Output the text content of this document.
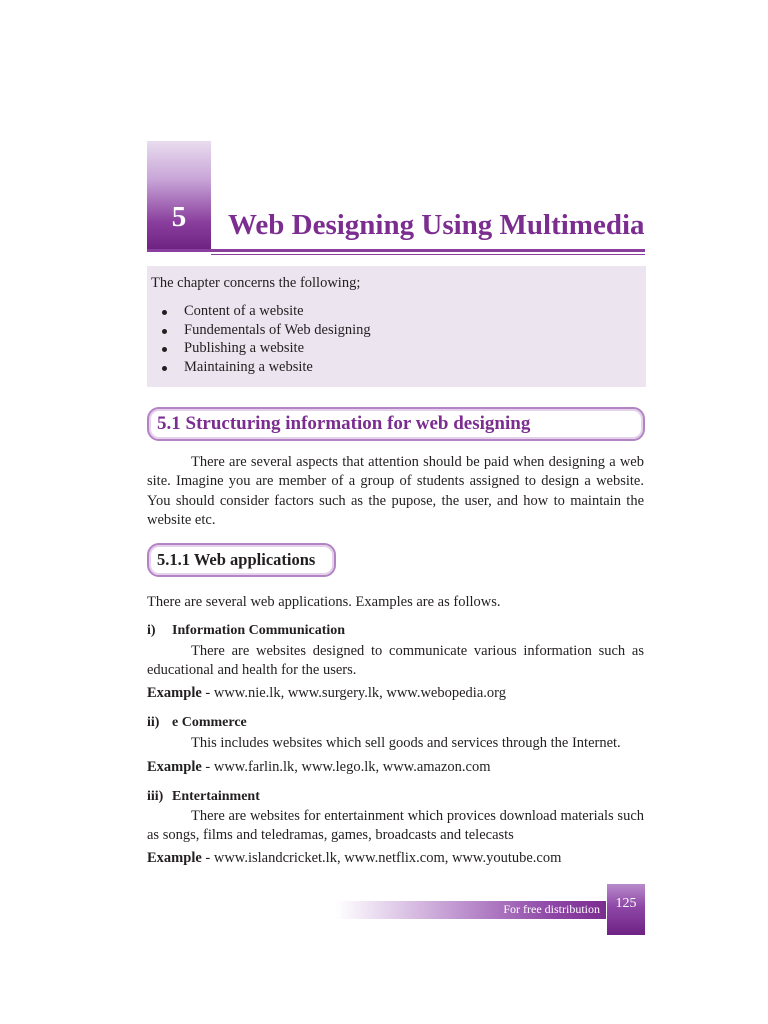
5	Web Designing Using Multimedia
The chapter concerns the following;
Content of a website
Fundementals of Web designing
Publishing a website
Maintaining a website
5.1 Structuring information for web designing
There are several aspects that attention should be paid when designing a web site. Imagine you are member of a group of students assigned to design a website. You should consider factors such as the pupose, the user, and how to maintain the website etc.
5.1.1 Web applications
There are several web applications. Examples are as follows.
i) Information Communication
There are websites designed to communicate various information such as educational and health for the users.
Example - www.nie.lk, www.surgery.lk, www.webopedia.org
ii) e Commerce
This includes websites which sell goods and services through the Internet.
Example - www.farlin.lk, www.lego.lk, www.amazon.com
iii) Entertainment
There are websites for entertainment which provices download materials such as songs, films and teledramas, games, broadcasts and telecasts
Example - www.islandcricket.lk, www.netflix.com, www.youtube.com
For free distribution	125
